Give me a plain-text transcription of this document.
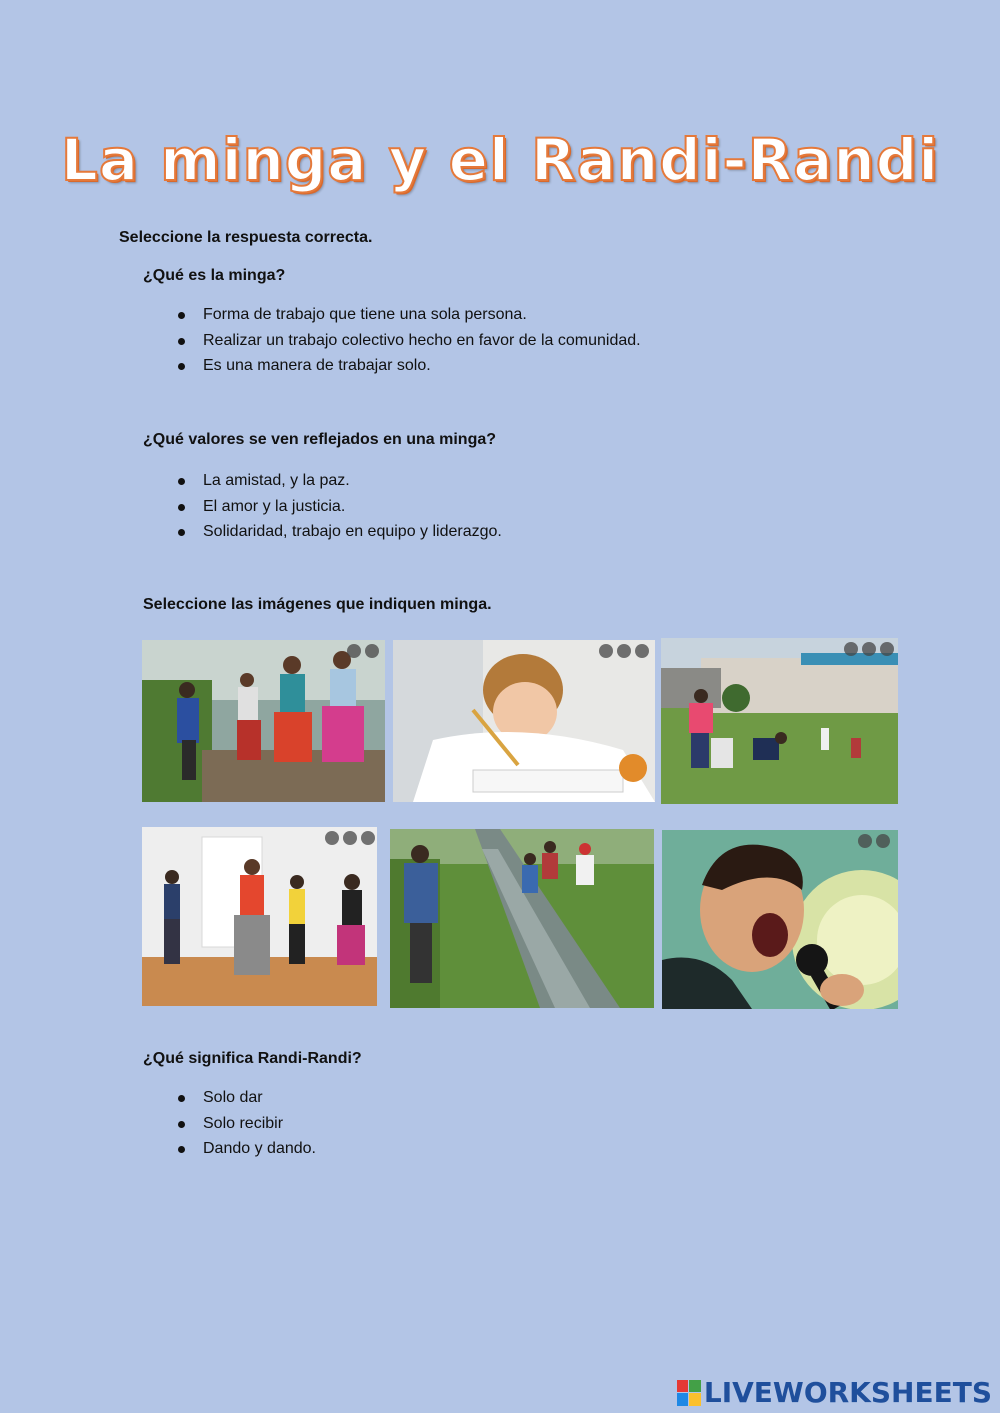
La minga y el Randi-Randi

Seleccione la respuesta correcta.

¿Qué es la minga?

Forma de trabajo que tiene una sola persona.
Realizar un trabajo colectivo hecho en favor de la comunidad.
Es una manera de trabajar solo.

¿Qué valores se ven reflejados en una minga?

La amistad, y la paz.
El amor y la justicia.
Solidaridad, trabajo en equipo y liderazgo.

Seleccione las imágenes que indiquen minga.

¿Qué significa Randi-Randi?

Solo dar
Solo recibir
Dando y dando.
LIVEWORKSHEETS
